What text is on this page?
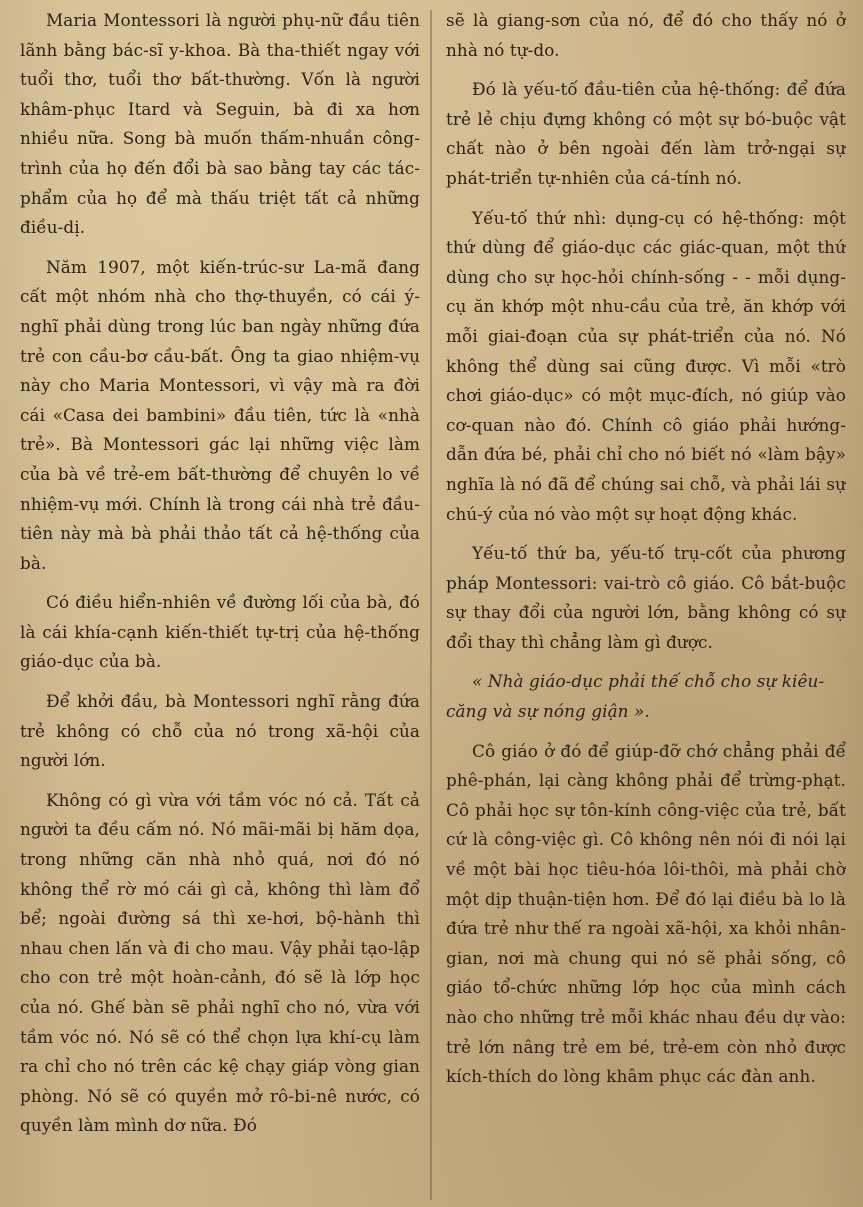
Maria Montessori là người phụ-nữ đầu tiên lãnh bằng bác-sĩ y-khoa. Bà tha-thiết ngay với tuổi thơ, tuổi thơ bất-thường. Vốn là người khâm-phục Itard và Seguin, bà đi xa hơn nhiều nữa. Song bà muốn thấm-nhuần công-trình của họ đến đổi bà sao bằng tay các tác-phẩm của họ để mà thấu triệt tất cả những điều-dị.

Năm 1907, một kiến-trúc-sư La-mã đang cất một nhóm nhà cho thợ-thuyền, có cái ý-nghĩ phải dùng trong lúc ban ngày những đứa trẻ con cầu-bơ cầu-bất. Ông ta giao nhiệm-vụ này cho Maria Montessori, vì vậy mà ra đời cái «Casa dei bambini» đầu tiên, tức là «nhà trẻ». Bà Montessori gác lại những việc làm của bà về trẻ-em bất-thường để chuyên lo về nhiệm-vụ mới. Chính là trong cái nhà trẻ đầu-tiên này mà bà phải thảo tất cả hệ-thống của bà.

Có điều hiển-nhiên về đường lối của bà, đó là cái khía-cạnh kiến-thiết tự-trị của hệ-thống giáo-dục của bà.

Để khởi đầu, bà Montessori nghĩ rằng đứa trẻ không có chỗ của nó trong xã-hội của người lớn.

Không có gì vừa với tầm vóc nó cả. Tất cả người ta đều cấm nó. Nó mãi-mãi bị hăm dọa, trong những căn nhà nhỏ quá, nơi đó nó không thể rờ mó cái gì cả, không thì làm đổ bể; ngoài đường sá thì xe-hơi, bộ-hành thì nhau chen lấn và đi cho mau. Vậy phải tạo-lập cho con trẻ một hoàn-cảnh, đó sẽ là lớp học của nó. Ghế bàn sẽ phải nghĩ cho nó, vừa với tầm vóc nó. Nó sẽ có thể chọn lựa khí-cụ làm ra chỉ cho nó trên các kệ chạy giáp vòng gian phòng. Nó sẽ có quyền mở rô-bi-nê nước, có quyền làm mình dơ nữa. Đó

sẽ là giang-sơn của nó, để đó cho thấy nó ở nhà nó tự-do.

Đó là yếu-tố đầu-tiên của hệ-thống: để đứa trẻ lẻ chịu đựng không có một sự bó-buộc vật chất nào ở bên ngoài đến làm trở-ngại sự phát-triển tự-nhiên của cá-tính nó.

Yếu-tố thứ nhì: dụng-cụ có hệ-thống: một thứ dùng để giáo-dục các giác-quan, một thứ dùng cho sự học-hỏi chính-sống - - mỗi dụng-cụ ăn khớp một nhu-cầu của trẻ, ăn khớp với mỗi giai-đoạn của sự phát-triển của nó. Nó không thể dùng sai cũng được. Vì mỗi «trò chơi giáo-dục» có một mục-đích, nó giúp vào cơ-quan nào đó. Chính cô giáo phải hướng-dẫn đứa bé, phải chỉ cho nó biết nó «làm bậy» nghĩa là nó đã để chúng sai chỗ, và phải lái sự chú-ý của nó vào một sự hoạt động khác.

Yếu-tố thứ ba, yếu-tố trụ-cốt của phương pháp Montessori: vai-trò cô giáo. Cô bắt-buộc sự thay đổi của người lớn, bằng không có sự đổi thay thì chẳng làm gì được.

« Nhà giáo-dục phải thế chỗ cho sự kiêu-căng và sự nóng giận ».

Cô giáo ở đó để giúp-đỡ chớ chẳng phải để phê-phán, lại càng không phải để trừng-phạt. Cô phải học sự tôn-kính công-việc của trẻ, bất cứ là công-việc gì. Cô không nên nói đi nói lại về một bài học tiêu-hóa lôi-thôi, mà phải chờ một dịp thuận-tiện hơn. Để đó lại điều bà lo là đứa trẻ như thế ra ngoài xã-hội, xa khỏi nhân-gian, nơi mà chung qui nó sẽ phải sống, cô giáo tổ-chức những lớp học của mình cách nào cho những trẻ mỗi khác nhau đều dự vào: trẻ lớn nâng trẻ em bé, trẻ-em còn nhỏ được kích-thích do lòng khâm phục các đàn anh.
